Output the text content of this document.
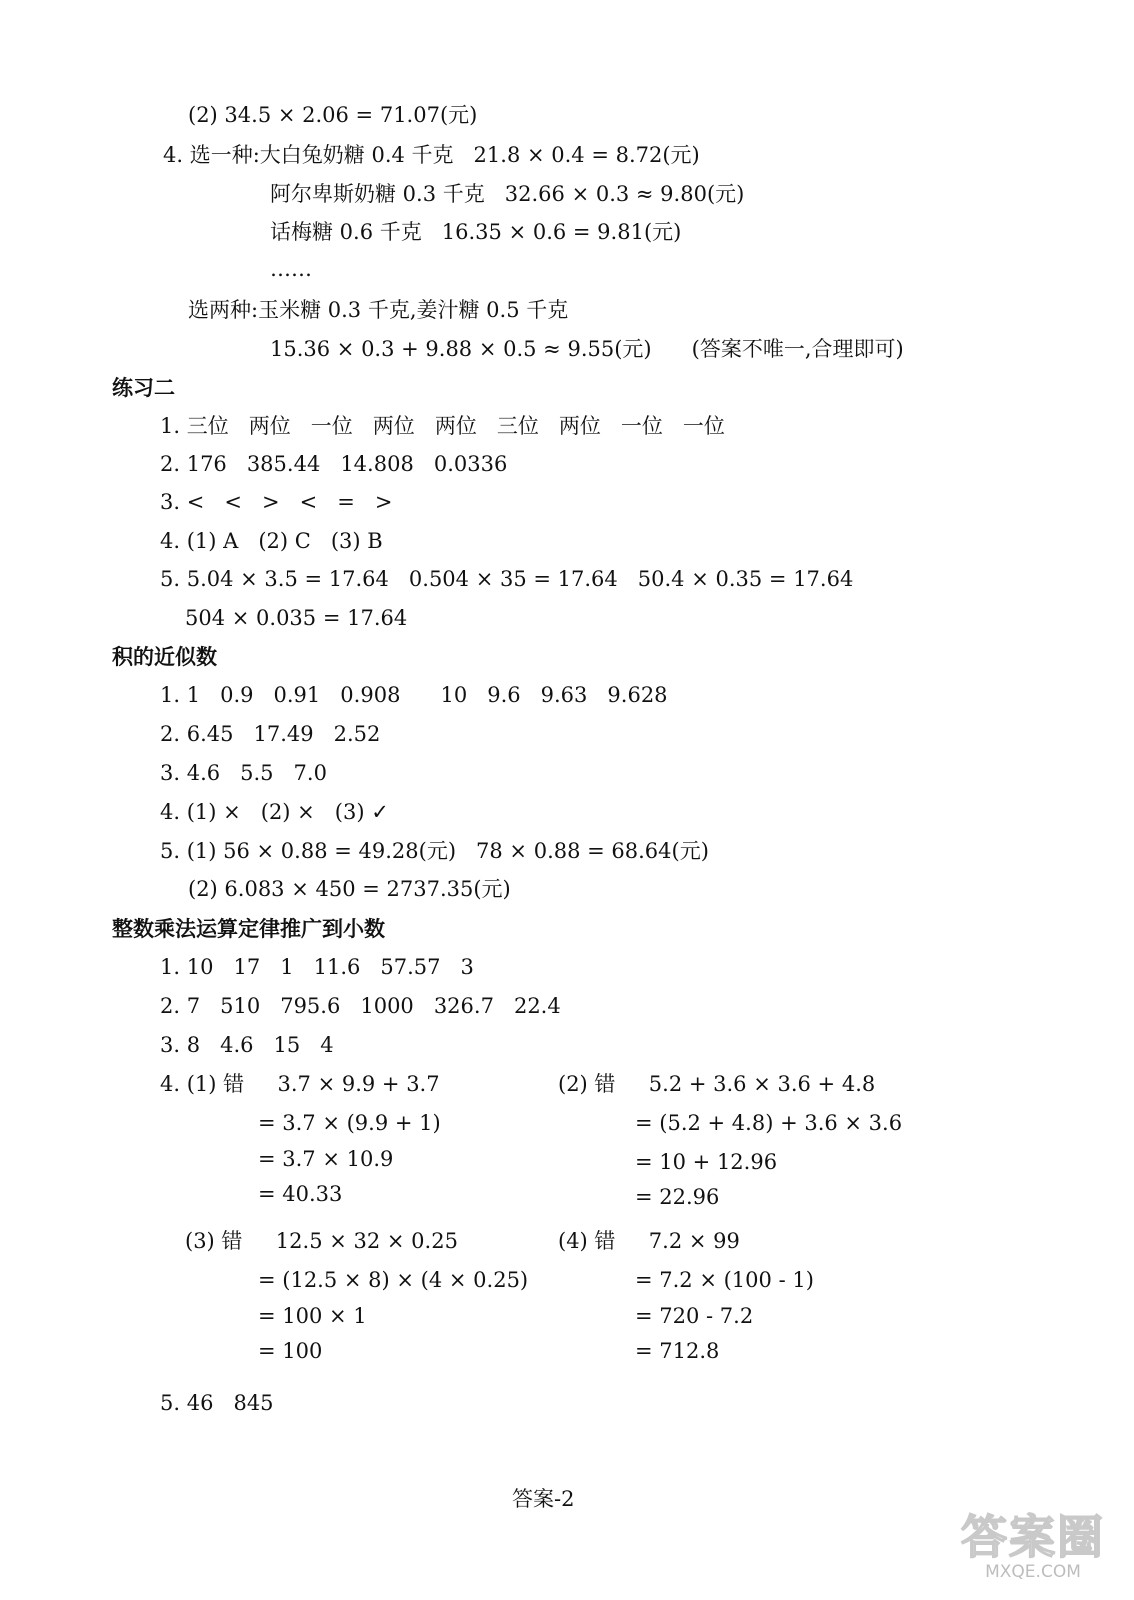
(2) 34.5 × 2.06 = 71.07(元)
4. 选一种:大白兔奶糖 0.4 千克   21.8 × 0.4 = 8.72(元)
阿尔卑斯奶糖 0.3 千克   32.66 × 0.3 ≈ 9.80(元)
话梅糖 0.6 千克   16.35 × 0.6 = 9.81(元)
……
选两种:玉米糖 0.3 千克,姜汁糖 0.5 千克
15.36 × 0.3 + 9.88 × 0.5 ≈ 9.55(元)      (答案不唯一,合理即可)
练习二
1. 三位   两位   一位   两位   两位   三位   两位   一位   一位
2. 176   385.44   14.808   0.0336
3. <   <   >   <   =   >
4. (1) A   (2) C   (3) B
5. 5.04 × 3.5 = 17.64   0.504 × 35 = 17.64   50.4 × 0.35 = 17.64
504 × 0.035 = 17.64
积的近似数
1. 1   0.9   0.91   0.908      10   9.6   9.63   9.628
2. 6.45   17.49   2.52
3. 4.6   5.5   7.0
4. (1) ×   (2) ×   (3) ✓
5. (1) 56 × 0.88 = 49.28(元)   78 × 0.88 = 68.64(元)
(2) 6.083 × 450 = 2737.35(元)
整数乘法运算定律推广到小数
1. 10   17   1   11.6   57.57   3
2. 7   510   795.6   1000   326.7   22.4
3. 8   4.6   15   4
4. (1) 错     3.7 × 9.9 + 3.7
= 3.7 × (9.9 + 1)
= 3.7 × 10.9
= 40.33
(2) 错     5.2 + 3.6 × 3.6 + 4.8
= (5.2 + 4.8) + 3.6 × 3.6
= 10 + 12.96
= 22.96
(3) 错     12.5 × 32 × 0.25
= (12.5 × 8) × (4 × 0.25)
= 100 × 1
= 100
(4) 错     7.2 × 99
= 7.2 × (100 - 1)
= 720 - 7.2
= 712.8
5. 46   845
答案-2
答案圈
MXQE.COM
